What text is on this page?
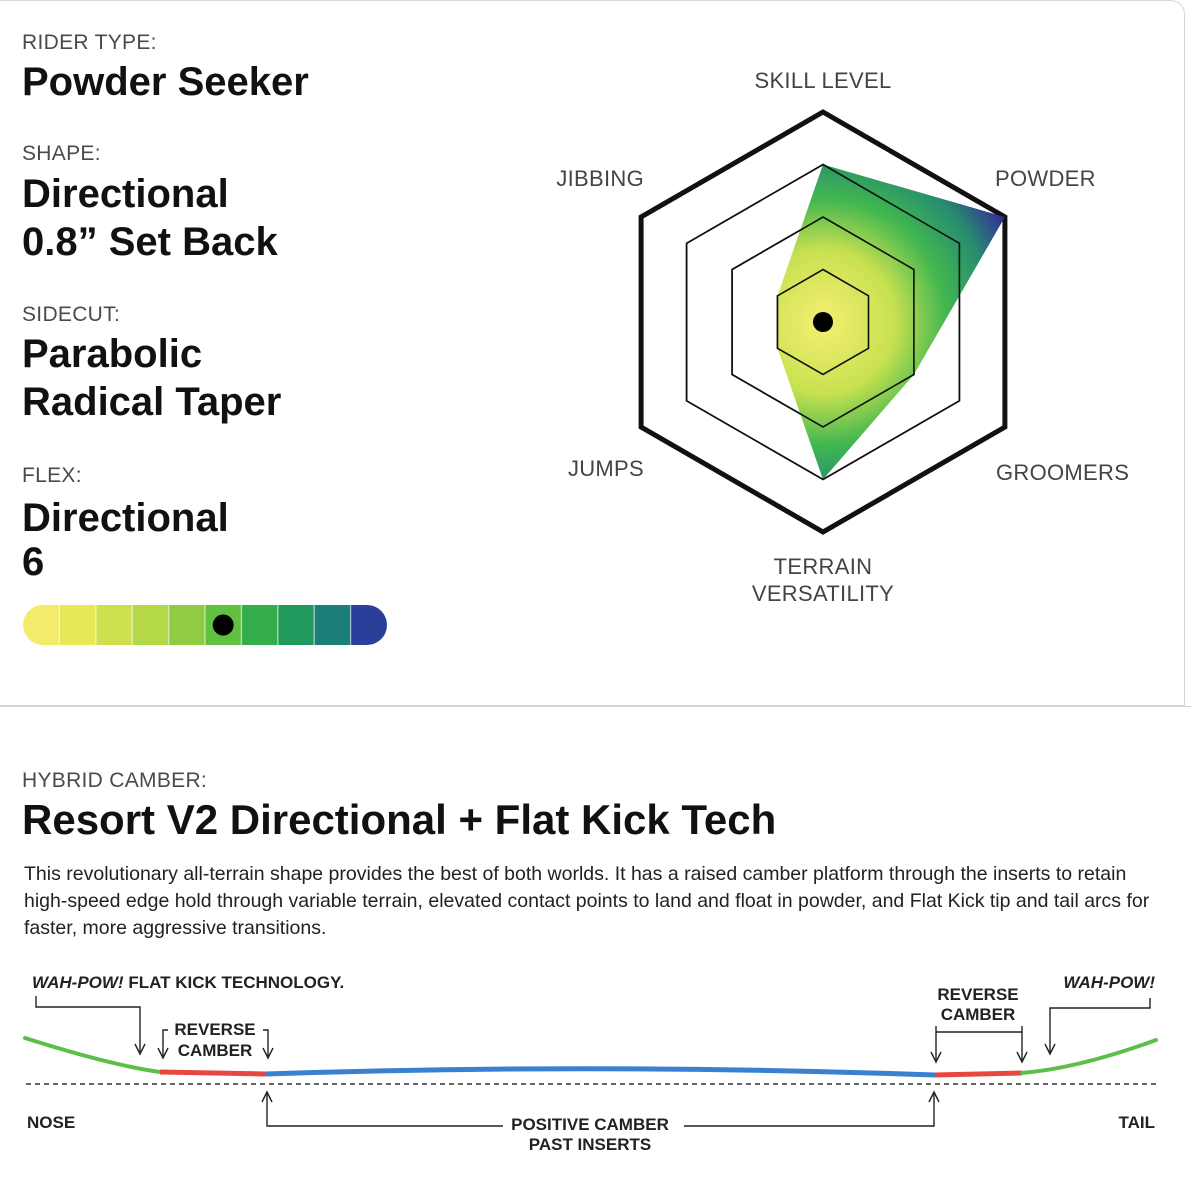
RIDER TYPE:
Powder Seeker
SHAPE:
Directional
0.8” Set Back
SIDECUT:
Parabolic
Radical Taper
FLEX:
Directional
6
SKILL LEVEL
POWDER
GROOMERS
TERRAIN
VERSATILITY
JUMPS
JIBBING
HYBRID CAMBER:
Resort V2 Directional + Flat Kick Tech
This revolutionary all-terrain shape provides the best of both worlds. It has a raised camber platform through the inserts to retain high-speed edge hold through variable terrain, elevated contact points to land and float in powder, and Flat Kick tip and tail arcs for faster, more aggressive transitions.
WAH-POW! FLAT KICK TECHNOLOGY.
REVERSE
CAMBER
REVERSE
CAMBER
WAH-POW!
NOSE	TAIL
POSITIVE CAMBER
PAST INSERTS
